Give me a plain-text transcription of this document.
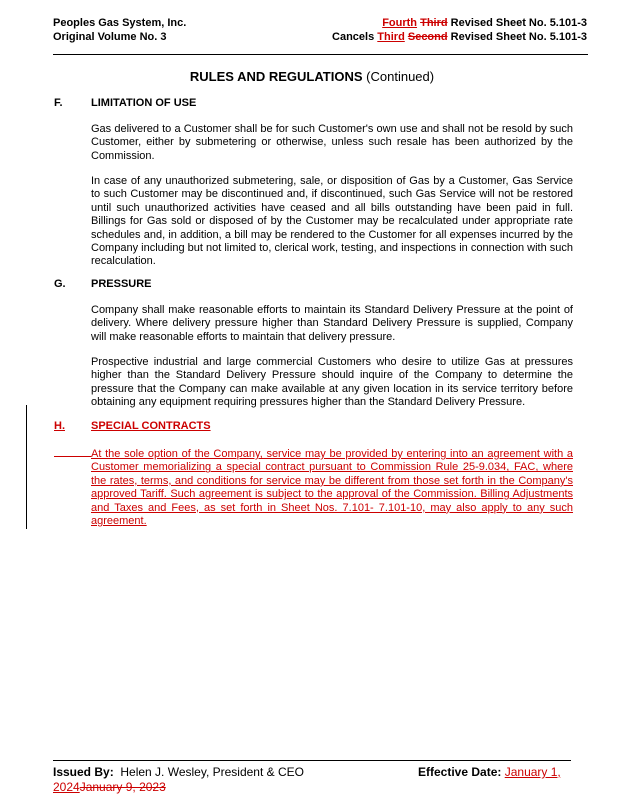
Peoples Gas System, Inc.
Original Volume No. 3
Fourth Third Revised Sheet No. 5.101-3
Cancels Third Second Revised Sheet No. 5.101-3
RULES AND REGULATIONS (Continued)
F.	LIMITATION OF USE
Gas delivered to a Customer shall be for such Customer's own use and shall not be resold by such Customer, either by submetering or otherwise, unless such resale has been authorized by the Commission.
In case of any unauthorized submetering, sale, or disposition of Gas by a Customer, Gas Service to such Customer may be discontinued and, if discontinued, such Gas Service will not be restored until such unauthorized activities have ceased and all bills outstanding have been paid in full. Billings for Gas sold or disposed of by the Customer may be recalculated under appropriate rate schedules and, in addition, a bill may be rendered to the Customer for all expenses incurred by the Company including but not limited to, clerical work, testing, and inspections in connection with such recalculation.
G. PRESSURE
Company shall make reasonable efforts to maintain its Standard Delivery Pressure at the point of delivery. Where delivery pressure higher than Standard Delivery Pressure is supplied, Company will make reasonable efforts to maintain that delivery pressure.
Prospective industrial and large commercial Customers who desire to utilize Gas at pressures higher than the Standard Delivery Pressure should inquire of the Company to determine the pressure that the Company can make available at any given location in its service territory before obtaining any equipment requiring pressures higher than the Standard Delivery Pressure.
H.	SPECIAL CONTRACTS
At the sole option of the Company, service may be provided by entering into an agreement with a Customer memorializing a special contract pursuant to Commission Rule 25-9.034, FAC, where the rates, terms, and conditions for service may be different from those set forth in the Company's approved Tariff. Such agreement is subject to the approval of the Commission. Billing Adjustments and Taxes and Fees, as set forth in Sheet Nos. 7.101- 7.101-10, may also apply to any such agreement.
Issued By: Helen J. Wesley, President & CEO	Effective Date: January 1,
2024January 9, 2023
